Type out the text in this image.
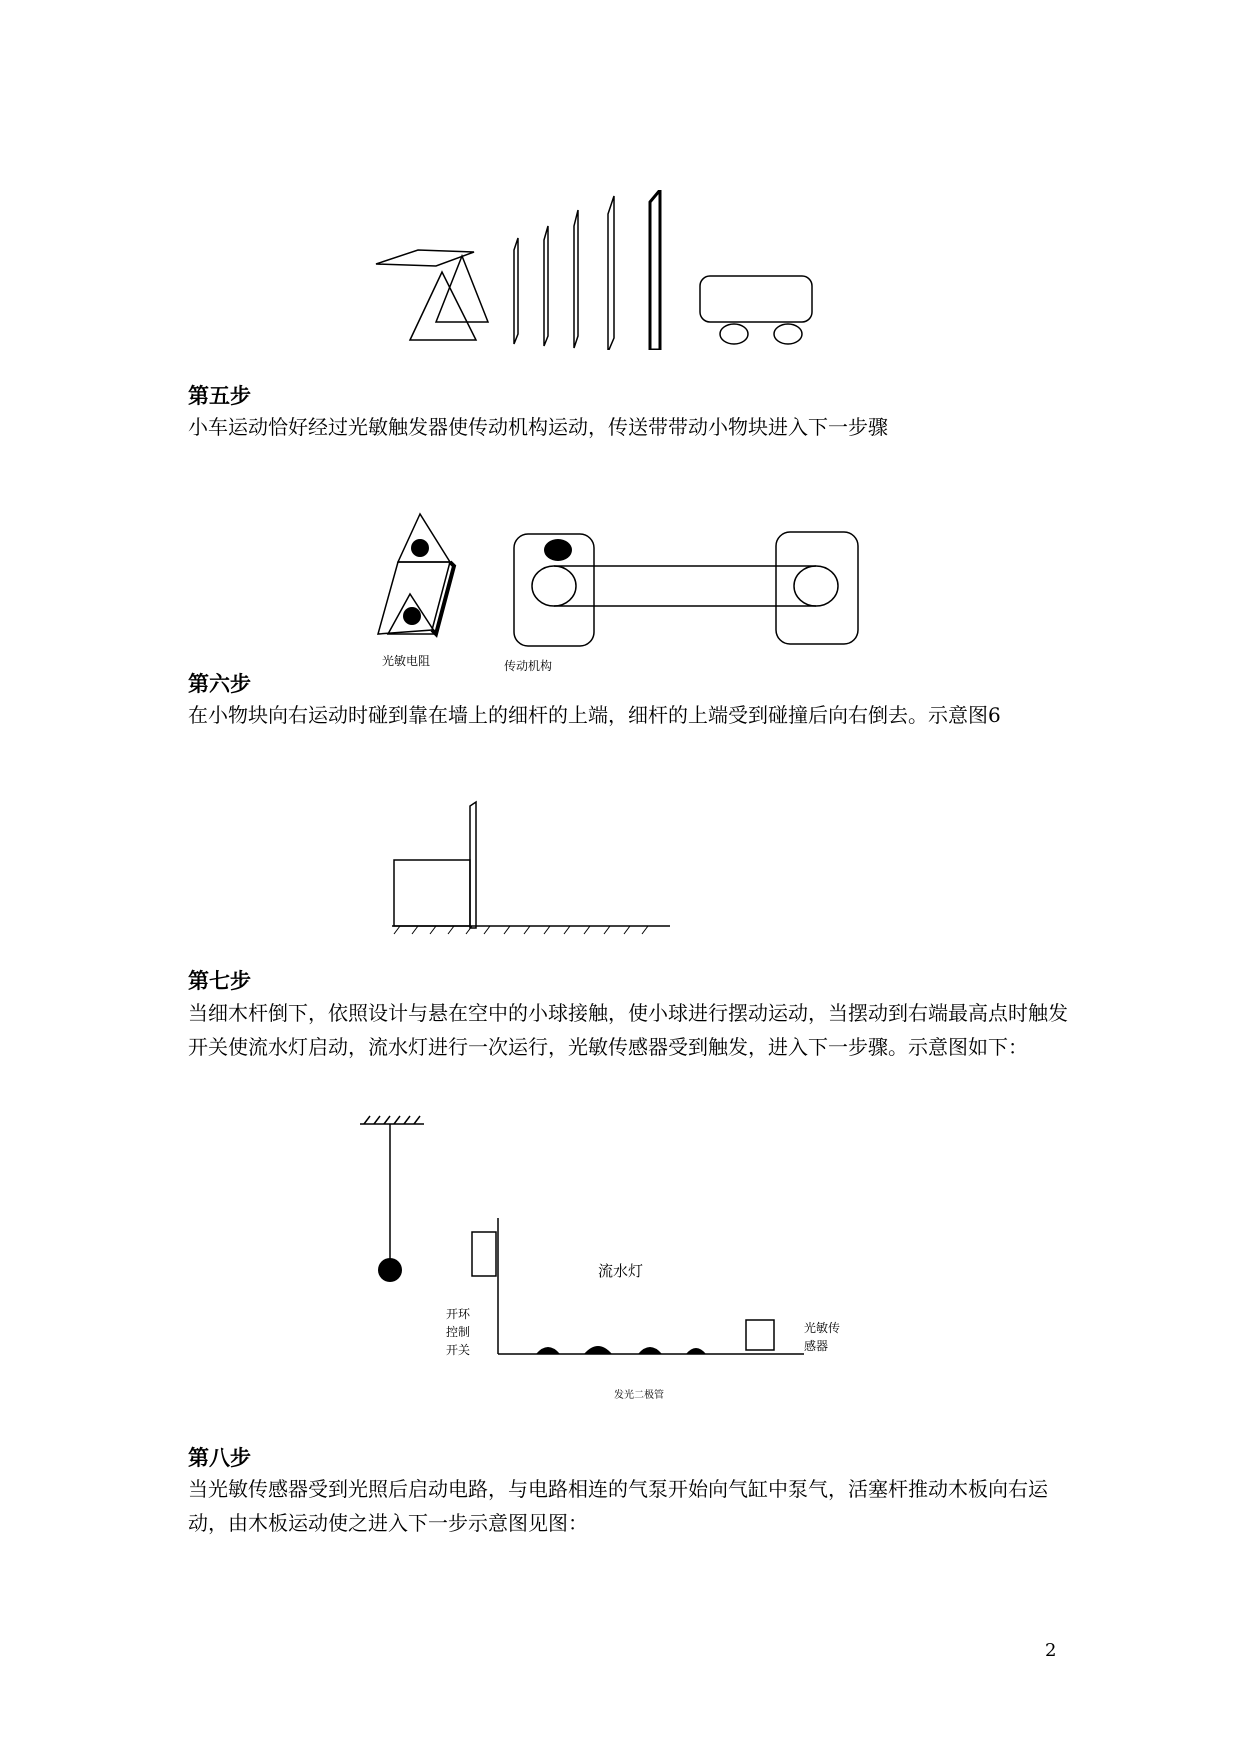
第五步
小车运动恰好经过光敏触发器使传动机构运动，传送带带动小物块进入下一步骤
光敏电阻	传动机构
第六步
在小物块向右运动时碰到靠在墙上的细杆的上端，细杆的上端受到碰撞后向右倒去。示意图6
第七步
当细木杆倒下，依照设计与悬在空中的小球接触，使小球进行摆动运动，当摆动到右端最高点时触发开关使流水灯启动，流水灯进行一次运行，光敏传感器受到触发，进入下一步骤。示意图如下：
流水灯
开环
控制
开关
光敏传
感器
发光二极管
第八步
当光敏传感器受到光照后启动电路，与电路相连的气泵开始向气缸中泵气，活塞杆推动木板向右运动，由木板运动使之进入下一步示意图见图：
2
